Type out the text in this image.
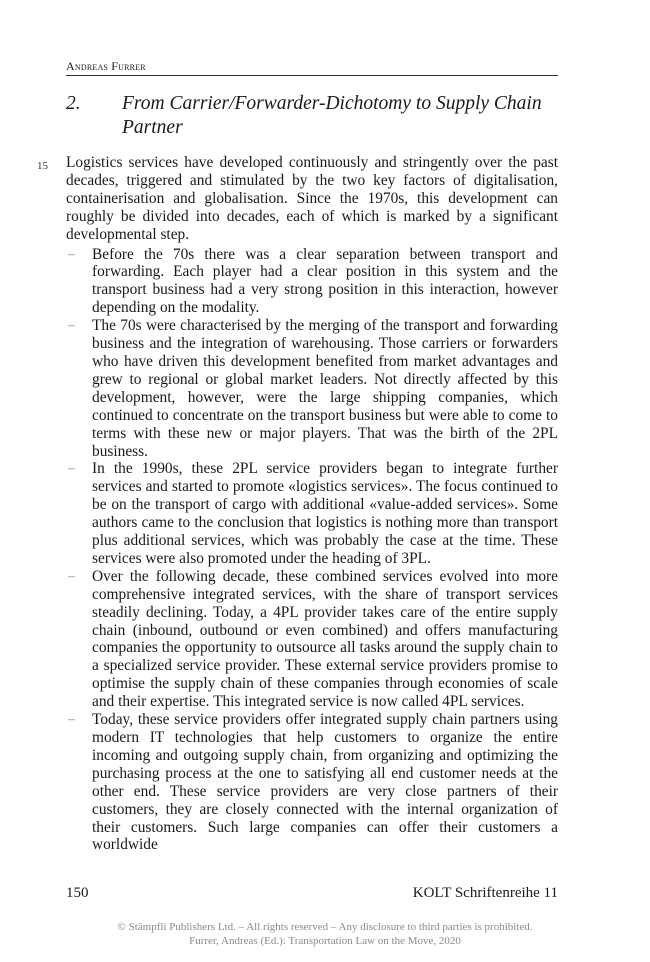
Andreas Furrer
2.	From Carrier/Forwarder-Dichotomy to Supply Chain Partner
15 Logistics services have developed continuously and stringently over the past decades, triggered and stimulated by the two key factors of digitalisation, containerisation and globalisation. Since the 1970s, this development can roughly be divided into decades, each of which is marked by a significant developmental step.

– Before the 70s there was a clear separation between transport and forwarding. Each player had a clear position in this system and the transport business had a very strong position in this interaction, however depending on the modality.
– The 70s were characterised by the merging of the transport and forwarding business and the integration of warehousing. Those carriers or forwarders who have driven this development benefited from market advantages and grew to regional or global market leaders. Not directly affected by this development, however, were the large shipping companies, which continued to concentrate on the transport business but were able to come to terms with these new or major players. That was the birth of the 2PL business.
– In the 1990s, these 2PL service providers began to integrate further services and started to promote «logistics services». The focus continued to be on the transport of cargo with additional «value-added services». Some authors came to the conclusion that logistics is nothing more than transport plus additional services, which was probably the case at the time. These services were also promoted under the heading of 3PL.
– Over the following decade, these combined services evolved into more comprehensive integrated services, with the share of transport services steadily declining. Today, a 4PL provider takes care of the entire supply chain (inbound, outbound or even combined) and offers manufacturing companies the opportunity to outsource all tasks around the supply chain to a specialized service provider. These external service providers promise to optimise the supply chain of these companies through economies of scale and their expertise. This integrated service is now called 4PL services.
– Today, these service providers offer integrated supply chain partners using modern IT technologies that help customers to organize the entire incoming and outgoing supply chain, from organizing and optimizing the purchasing process at the one to satisfying all end customer needs at the other end. These service providers are very close partners of their customers, they are closely connected with the internal organization of their customers. Such large companies can offer their customers a worldwide
150	KOLT Schriftenreihe 11
© Stämpfli Publishers Ltd. – All rights reserved – Any disclosure to third parties is prohibited.
Furrer, Andreas (Ed.): Transportation Law on the Move, 2020
